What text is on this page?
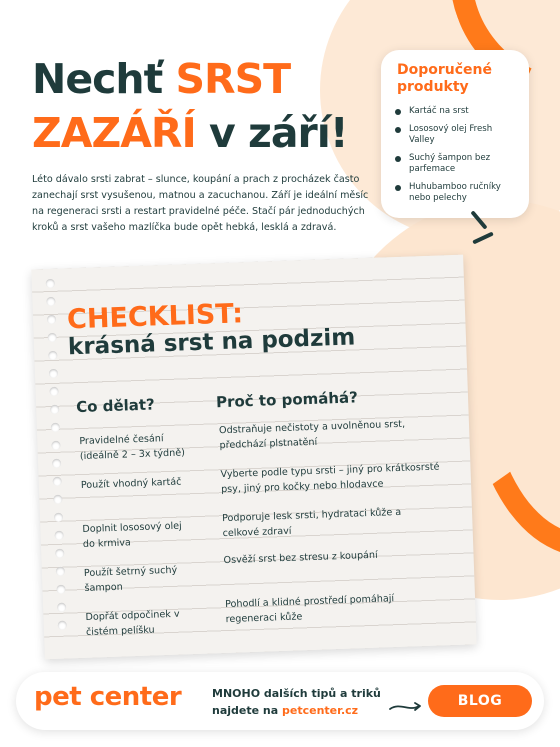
Nechť SRST
ZAZÁŘÍ v září!

Léto dávalo srsti zabrat – slunce, koupání a prach z procházek často zanechají srst vysušenou, matnou a zacuchanou. Září je ideální měsíc na regeneraci srsti a restart pravidelné péče. Stačí pár jednoduchých kroků a srst vašeho mazlíčka bude opět hebká, lesklá a zdravá.

Doporučené produkty
Kartáč na srst
Lososový olej Fresh Valley
Suchý šampon bez parfemace
Huhubamboo ručníky nebo pelechy
CHECKLIST:
krásná srst na podzim
Co dělat?	Proč to pomáhá?
Pravidelné česání (ideálně 2 – 3x týdně)
Odstraňuje nečistoty a uvolněnou srst, předchází plstnatění
Použít vhodný kartáč
Vyberte podle typu srsti – jiný pro krátkosrsté psy, jiný pro kočky nebo hlodavce
Doplnit lososový olej do krmiva
Podporuje lesk srsti, hydrataci kůže a celkové zdraví
Použít šetrný suchý šampon
Osvěží srst bez stresu z koupání
Dopřát odpočinek v čistém pelíšku
Pohodlí a klidné prostředí pomáhají regeneraci kůže
pet center	MNOHO dalších tipů a triků
najdete na petcenter.cz
BLOG
